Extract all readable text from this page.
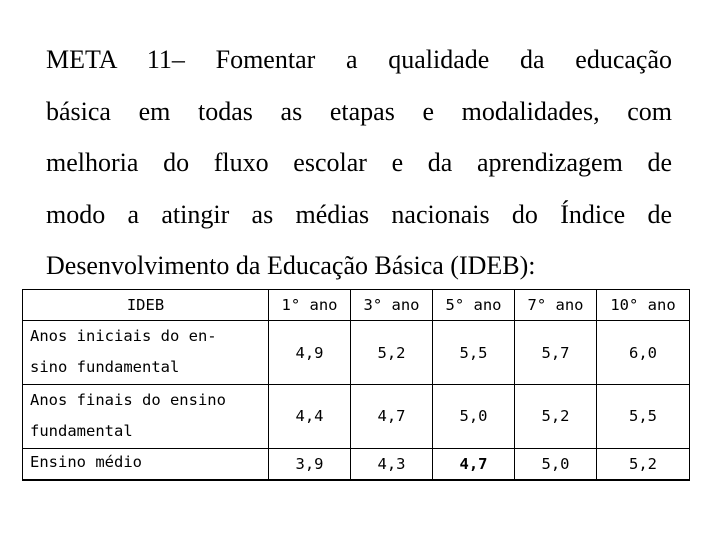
META 11– Fomentar a qualidade da educação
básica em todas as etapas e modalidades, com
melhoria do fluxo escolar e da aprendizagem de
modo a atingir as médias nacionais do Índice de
Desenvolvimento da Educação Básica (IDEB):
IDEB	1° ano	3° ano	5° ano	7° ano	10° ano

Anos iniciais do en-
sino fundamental	4,9	5,2	5,5	5,7	6,0

Anos finais do ensino
fundamental	4,4	4,7	5,0	5,2	5,5

Ensino médio	3,9	4,3	4,7	5,0	5,2
